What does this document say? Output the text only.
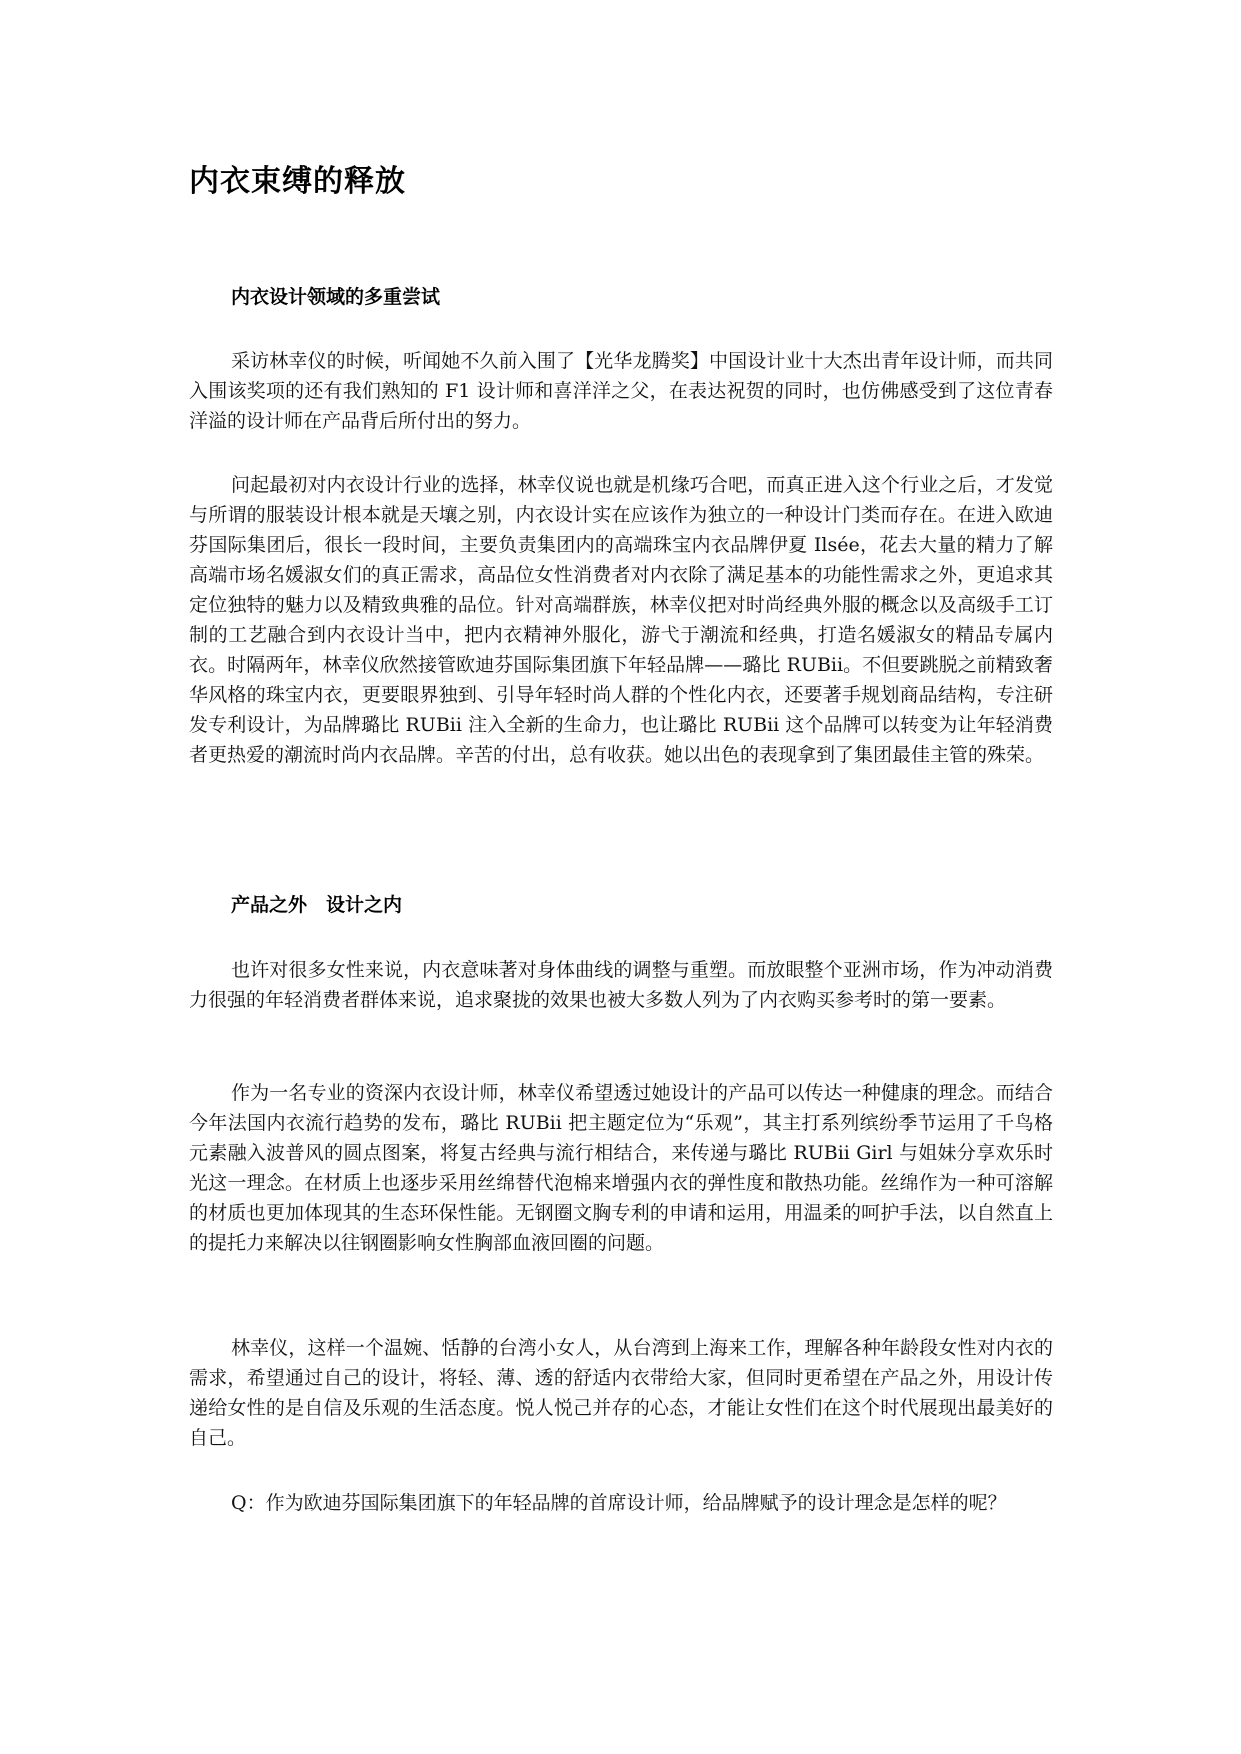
内衣束缚的释放
内衣设计领域的多重尝试

采访林幸仪的时候，听闻她不久前入围了【光华龙腾奖】中国设计业十大杰出青年设计师，而共同入围该奖项的还有我们熟知的 F1 设计师和喜洋洋之父，在表达祝贺的同时，也仿佛感受到了这位青春洋溢的设计师在产品背后所付出的努力。

问起最初对内衣设计行业的选择，林幸仪说也就是机缘巧合吧，而真正进入这个行业之后，才发觉与所谓的服装设计根本就是天壤之别，内衣设计实在应该作为独立的一种设计门类而存在。在进入欧迪芬国际集团后，很长一段时间，主要负责集团内的高端珠宝内衣品牌伊夏 Ilsée，花去大量的精力了解高端市场名媛淑女们的真正需求，高品位女性消费者对内衣除了满足基本的功能性需求之外，更追求其定位独特的魅力以及精致典雅的品位。针对高端群族，林幸仪把对时尚经典外服的概念以及高级手工订制的工艺融合到内衣设计当中，把内衣精神外服化，游弋于潮流和经典，打造名媛淑女的精品专属内衣。时隔两年，林幸仪欣然接管欧迪芬国际集团旗下年轻品牌——璐比 RUBii。不但要跳脱之前精致奢华风格的珠宝内衣，更要眼界独到、引导年轻时尚人群的个性化内衣，还要著手规划商品结构，专注研发专利设计，为品牌璐比 RUBii 注入全新的生命力，也让璐比 RUBii 这个品牌可以转变为让年轻消费者更热爱的潮流时尚内衣品牌。辛苦的付出，总有收获。她以出色的表现拿到了集团最佳主管的殊荣。

产品之外　设计之内

也许对很多女性来说，内衣意味著对身体曲线的调整与重塑。而放眼整个亚洲市场，作为冲动消费力很强的年轻消费者群体来说，追求聚拢的效果也被大多数人列为了内衣购买参考时的第一要素。

作为一名专业的资深内衣设计师，林幸仪希望透过她设计的产品可以传达一种健康的理念。而结合今年法国内衣流行趋势的发布，璐比 RUBii 把主题定位为“乐观”，其主打系列缤纷季节运用了千鸟格元素融入波普风的圆点图案，将复古经典与流行相结合，来传递与璐比 RUBii Girl 与姐妹分享欢乐时光这一理念。在材质上也逐步采用丝绵替代泡棉来增强内衣的弹性度和散热功能。丝绵作为一种可溶解的材质也更加体现其的生态环保性能。无钢圈文胸专利的申请和运用，用温柔的呵护手法，以自然直上的提托力来解决以往钢圈影响女性胸部血液回圈的问题。

林幸仪，这样一个温婉、恬静的台湾小女人，从台湾到上海来工作，理解各种年龄段女性对内衣的需求，希望通过自己的设计，将轻、薄、透的舒适内衣带给大家，但同时更希望在产品之外，用设计传递给女性的是自信及乐观的生活态度。悦人悦己并存的心态，才能让女性们在这个时代展现出最美好的自己。

Q：作为欧迪芬国际集团旗下的年轻品牌的首席设计师，给品牌赋予的设计理念是怎样的呢？
